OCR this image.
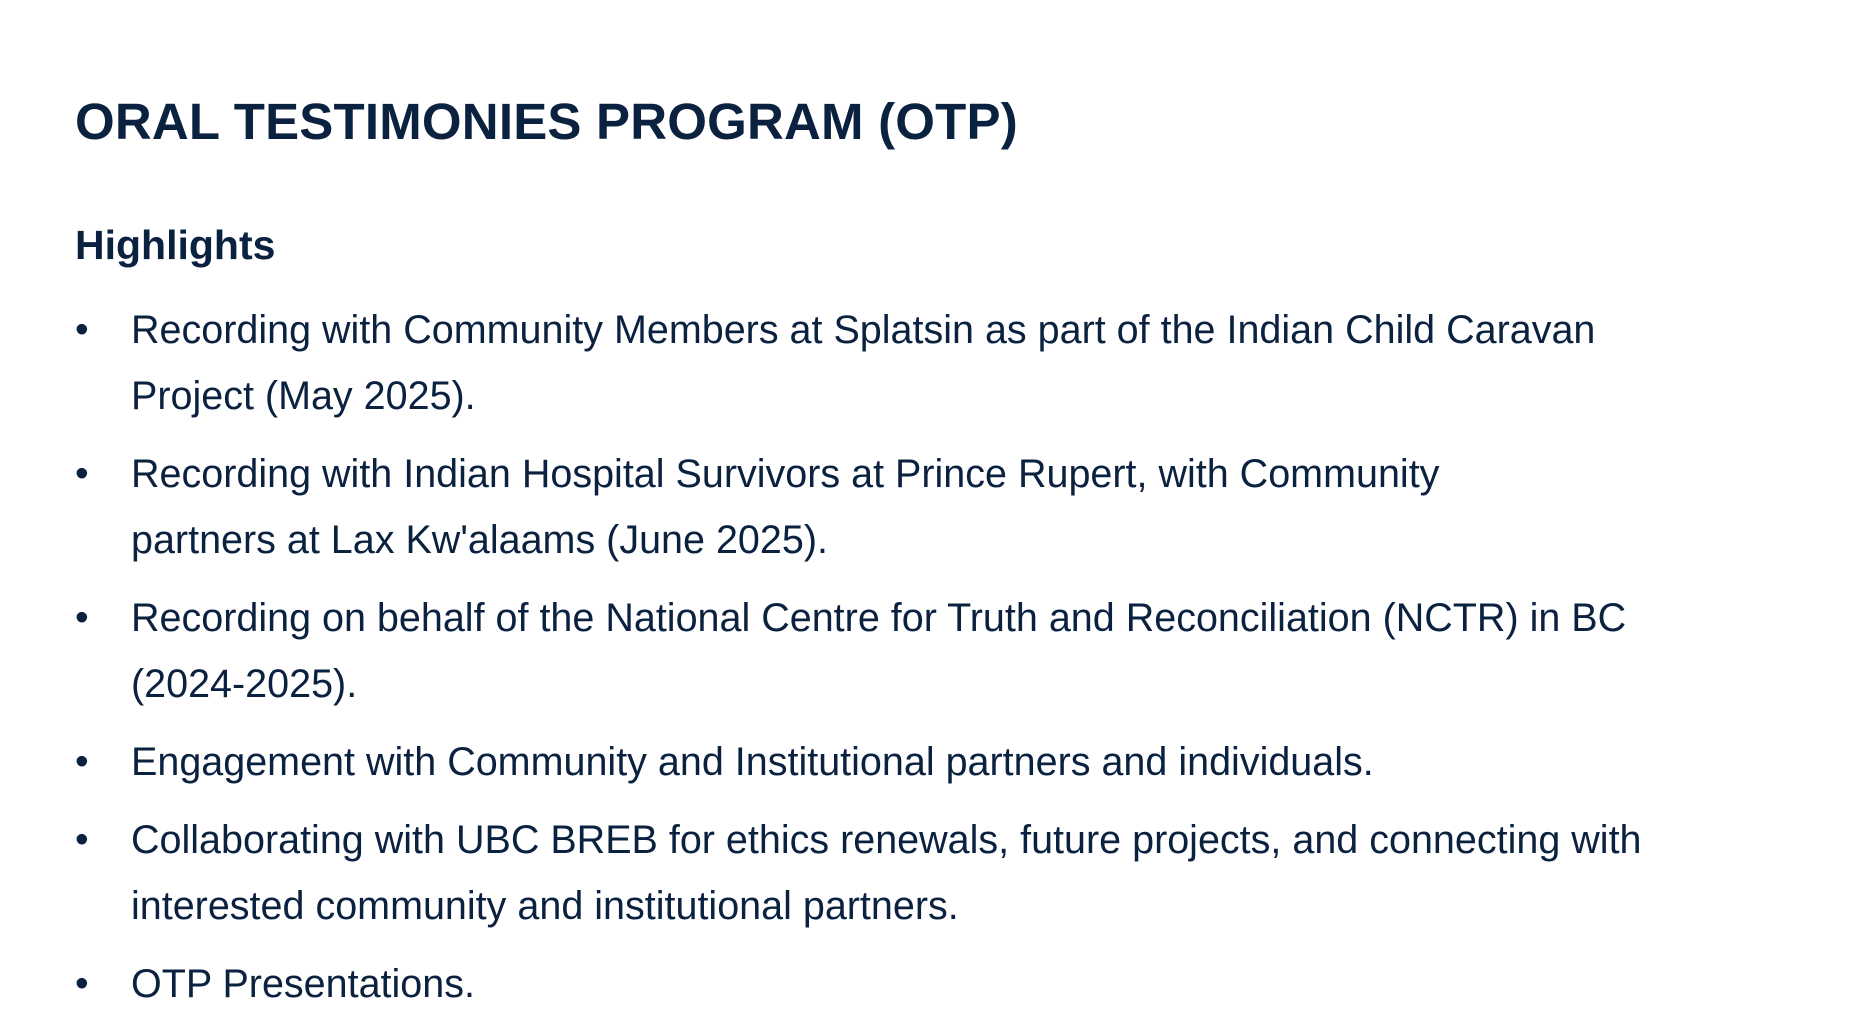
ORAL TESTIMONIES PROGRAM (OTP)
Highlights
•	Recording with Community Members at Splatsin as part of the Indian Child Caravan
Project (May 2025).
•	Recording with Indian Hospital Survivors at Prince Rupert, with Community
partners at Lax Kw'alaams (June 2025).
•	Recording on behalf of the National Centre for Truth and Reconciliation (NCTR) in BC
(2024-2025).
•	Engagement with Community and Institutional partners and individuals.
•	Collaborating with UBC BREB for ethics renewals, future projects, and connecting with
interested community and institutional partners.
•	OTP Presentations.
